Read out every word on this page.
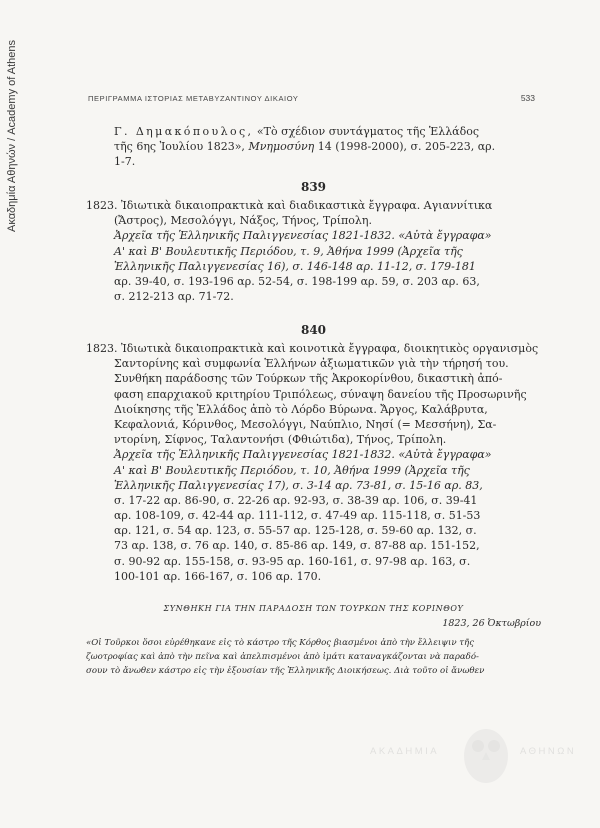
Ακαδημία Αθηνών / Academy of Athens	ΠΕΡΙΓΡΑΜΜΑ ΙΣΤΟΡΙΑΣ ΜΕΤΑΒΥΖΑΝΤΙΝΟΥ ΔΙΚΑΙΟΥ	533
Γ. Δημακόπουλος, «Τὸ σχέδιον συντάγματος τῆς Ἑλλάδος
τῆς 6ης Ἰουλίου 1823», Μνημοσύνη 14 (1998-2000), σ. 205-223, αρ.
1-7.
839
1823. Ἰδιωτικὰ δικαιοπρακτικὰ καὶ διαδικαστικὰ ἔγγραφα. Αγιαννίτικα
(Ἄστρος), Μεσολόγγι, Νάξος, Τήνος, Τρίπολη.
Ἀρχεῖα τῆς Ἑλληνικῆς Παλιγγενεσίας 1821-1832. «Αὐτὰ ἔγγραφα»
Α' καὶ Β' Βουλευτικῆς Περιόδου, τ. 9, Ἀθήνα 1999 (Ἀρχεῖα τῆς
Ἑλληνικῆς Παλιγγενεσίας 16), σ. 146-148 αρ. 11-12, σ. 179-181
αρ. 39-40, σ. 193-196 αρ. 52-54, σ. 198-199 αρ. 59, σ. 203 αρ. 63,
σ. 212-213 αρ. 71-72.
840
1823. Ἰδιωτικὰ δικαιοπρακτικὰ καὶ κοινοτικὰ ἔγγραφα, διοικητικὸς οργανισμὸς
Σαντορίνης καὶ συμφωνία Ἑλλήνων ἀξιωματικῶν γιὰ τὴν τήρησή του.
Συνθήκη παράδοσης τῶν Τούρκων τῆς Ἀκροκορίνθου, δικαστικὴ ἀπό-
φαση επαρχιακοῦ κριτηρίου Τριπόλεως, σύναψη δανείου τῆς Προσωρινῆς
Διοίκησης τῆς Ἑλλάδος ἀπὸ τὸ Λόρδο Βύρωνα. Ἄργος, Καλάβρυτα,
Κεφαλονιά, Κόρινθος, Μεσολόγγι, Ναύπλιο, Νησί (= Μεσσήνη), Σα-
ντορίνη, Σίφνος, Ταλαντονήσι (Φθιώτιδα), Τήνος, Τρίπολη.
Ἀρχεῖα τῆς Ἑλληνικῆς Παλιγγενεσίας 1821-1832. «Αὐτὰ ἔγγραφα»
Α' καὶ Β' Βουλευτικῆς Περιόδου, τ. 10, Ἀθήνα 1999 (Ἀρχεῖα τῆς
Ἑλληνικῆς Παλιγγενεσίας 17), σ. 3-14 αρ. 73-81, σ. 15-16 αρ. 83,
σ. 17-22 αρ. 86-90, σ. 22-26 αρ. 92-93, σ. 38-39 αρ. 106, σ. 39-41
αρ. 108-109, σ. 42-44 αρ. 111-112, σ. 47-49 αρ. 115-118, σ. 51-53
αρ. 121, σ. 54 αρ. 123, σ. 55-57 αρ. 125-128, σ. 59-60 αρ. 132, σ.
73 αρ. 138, σ. 76 αρ. 140, σ. 85-86 αρ. 149, σ. 87-88 αρ. 151-152,
σ. 90-92 αρ. 155-158, σ. 93-95 αρ. 160-161, σ. 97-98 αρ. 163, σ.
100-101 αρ. 166-167, σ. 106 αρ. 170.
ΣΥΝΘΗΚΗ ΓΙΑ ΤΗΝ ΠΑΡΑΔΟΣΗ ΤΩΝ ΤΟΥΡΚΩΝ ΤΗΣ ΚΟΡΙΝΘΟΥ
1823, 26 Ὀκτωβρίου
«Οἱ Τοῦρκοι ὅσοι εὑρέθηκανε εἰς τὸ κάστρο τῆς Κόρθος βιασμένοι ἀπὸ τὴν ἔλλειψιν τῆς
ζωοτροφίας καὶ ἀπὸ τὴν πεῖνα καὶ ἀπελπισμένοι ἀπὸ ἰμάτι καταναγκάζονται νὰ παραδό-
σουν τὸ ἄνωθεν κάστρο εἰς τὴν ἐξουσίαν τῆς Ἑλληνικῆς Διοικήσεως. Διὰ τοῦτο οἱ ἄνωθεν
ΑΚΑΔΗΜΙΑ	ΑΘΗΝΩΝ
